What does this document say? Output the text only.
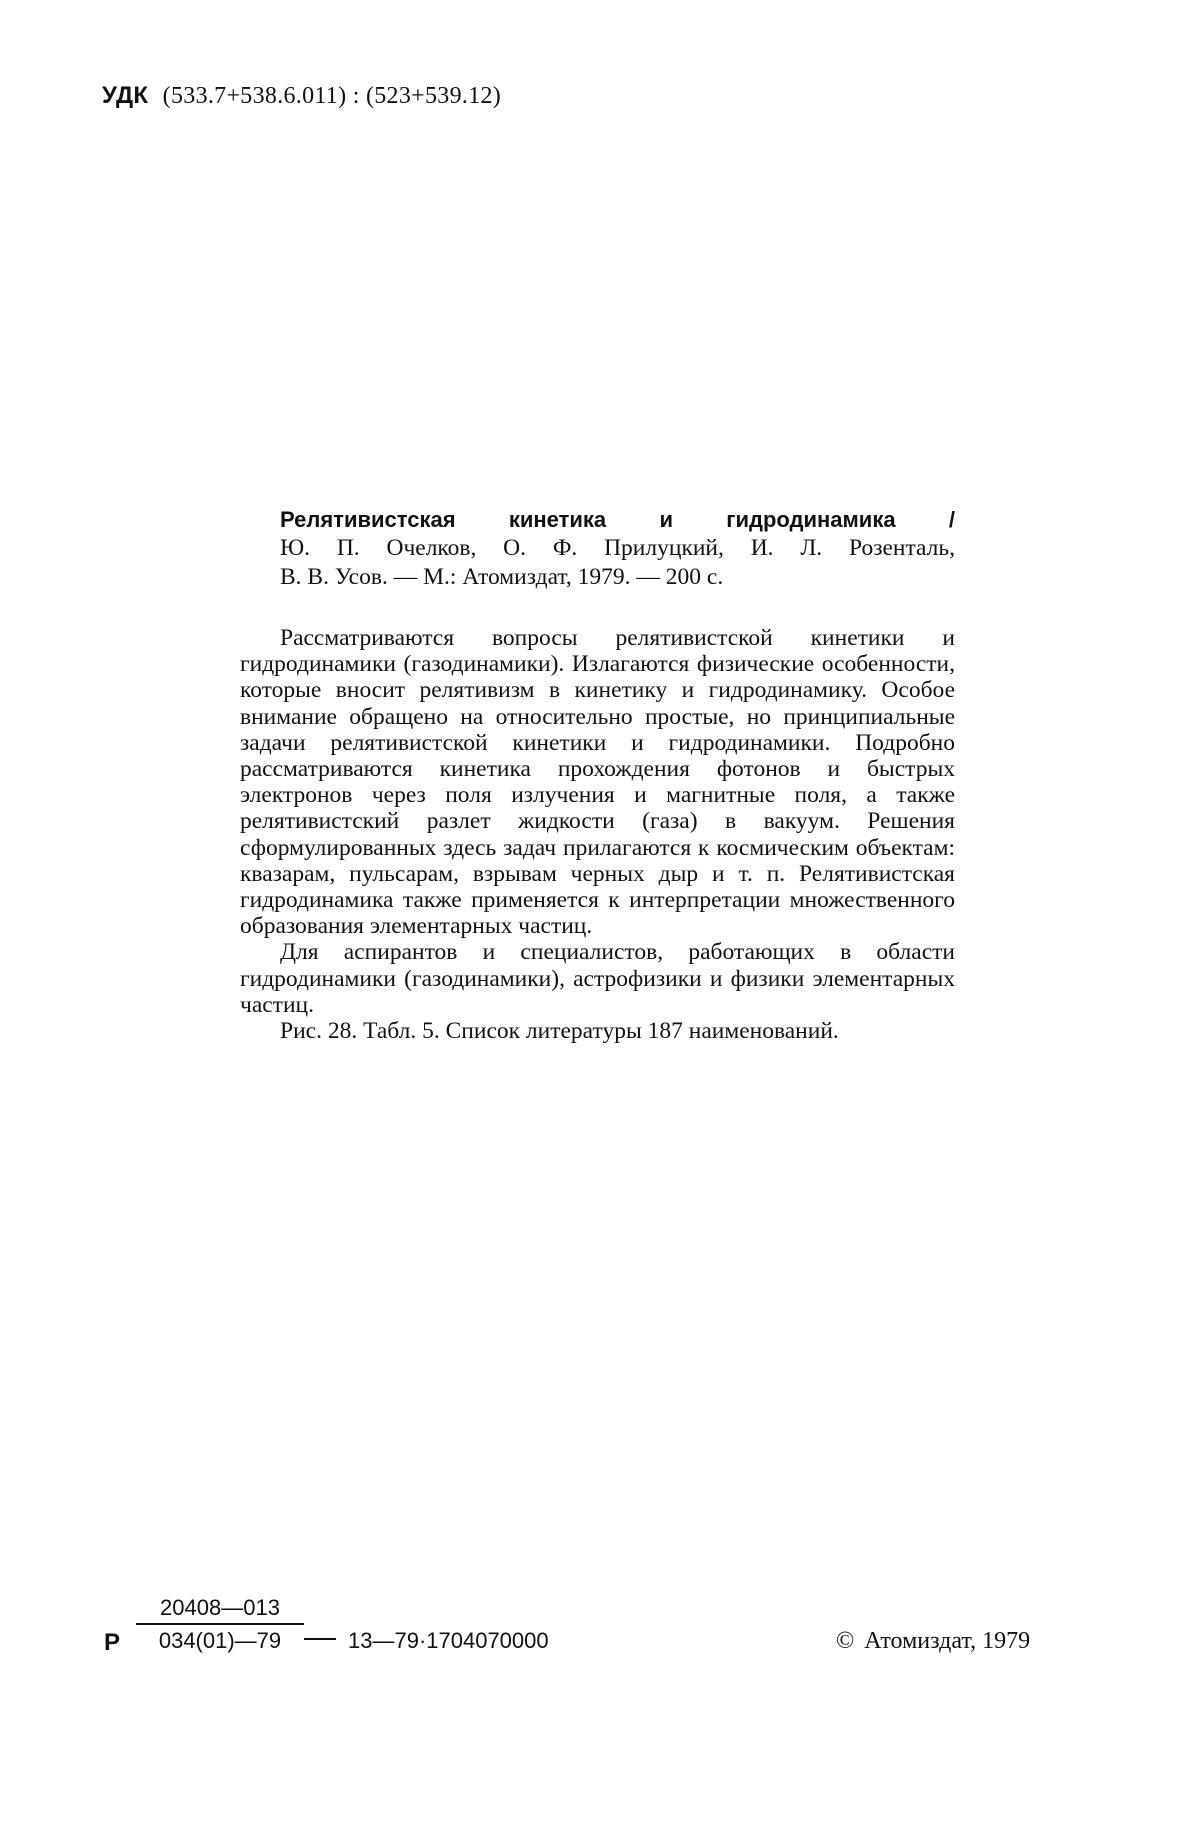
УДК (533.7+538.6.011) : (523+539.12)
Релятивистская кинетика и гидродинамика /
Ю. П. Очелков, О. Ф. Прилуцкий, И. Л. Розенталь,
В. В. Усов. — М.: Атомиздат, 1979. — 200 с.

Рассматриваются вопросы релятивистской кинетики и гидродинамики (газодинамики). Излагаются физические особенности, которые вносит релятивизм в кинетику и гидродинамику. Особое внимание обращено на относительно простые, но принципиальные задачи релятивистской кинетики и гидродинамики. Подробно рассматриваются кинетика прохождения фотонов и быстрых электронов через поля излучения и магнитные поля, а также релятивистский разлет жидкости (газа) в вакуум. Решения сформулированных здесь задач прилагаются к космическим объектам: квазарам, пульсарам, взрывам черных дыр и т. п. Релятивистская гидродинамика также применяется к интерпретации множественного образования элементарных частиц.

Для аспирантов и специалистов, работающих в области гидродинамики (газодинамики), астрофизики и физики элементарных частиц.

Рис. 28. Табл. 5. Список литературы 187 наименований.

Р
20408—013
034(01)—79	13—79·1704070000	© Атомиздат, 1979
